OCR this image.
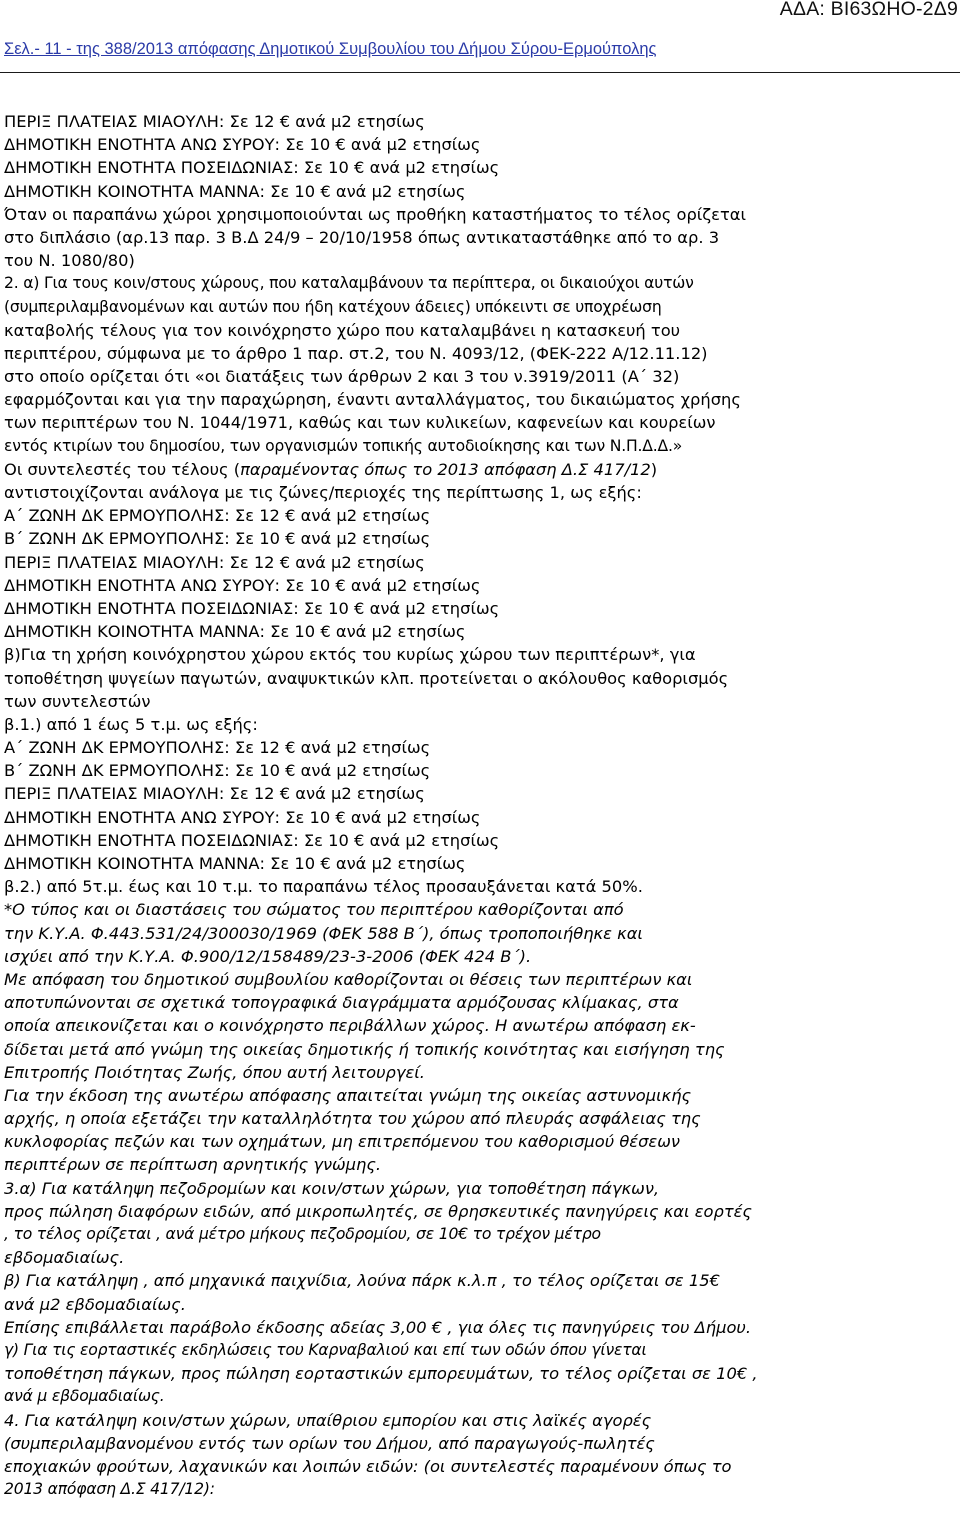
ΑΔΑ: ΒΙ63ΩΗΟ-2Δ9
Σελ.- 11 - της 388/2013 απόφασης Δημοτικού Συμβουλίου του Δήμου Σύρου-Ερμούπολης
ΠΕΡΙΞ ΠΛΑΤΕΙΑΣ ΜΙΑΟΥΛΗ: Σε 12 € ανά μ2 ετησίως
ΔΗΜΟΤΙΚΗ ΕΝΟΤΗΤΑ ΑΝΩ ΣΥΡΟΥ: Σε 10 € ανά μ2 ετησίως
ΔΗΜΟΤΙΚΗ ΕΝΟΤΗΤΑ ΠΟΣΕΙΔΩΝΙΑΣ: Σε 10 € ανά μ2 ετησίως
ΔΗΜΟΤΙΚΗ ΚΟΙΝΟΤΗΤΑ ΜΑΝΝΑ: Σε 10 € ανά μ2 ετησίως
Όταν οι παραπάνω χώροι χρησιμοποιούνται ως προθήκη καταστήματος το τέλος ορίζεται
στο διπλάσιο (αρ.13 παρ. 3 Β.Δ 24/9 – 20/10/1958 όπως αντικαταστάθηκε από το αρ. 3
του Ν. 1080/80)
2. α) Για τους κοιν/στους χώρους, που καταλαμβάνουν τα περίπτερα, οι δικαιούχοι αυτών
(συμπεριλαμβανομένων και αυτών που ήδη κατέχουν άδειες) υπόκειντι σε υποχρέωση
καταβολής τέλους για τον κοινόχρηστο χώρο που καταλαμβάνει η κατασκευή του
περιπτέρου, σύμφωνα με το άρθρο 1 παρ. στ.2, του Ν. 4093/12, (ΦΕΚ-222 Α/12.11.12)
στο οποίο ορίζεται ότι «οι διατάξεις των άρθρων 2 και 3 του ν.3919/2011 (Α΄ 32)
εφαρμόζονται και για την παραχώρηση, έναντι ανταλλάγματος, του δικαιώματος χρήσης
των περιπτέρων του Ν. 1044/1971, καθώς και των κυλικείων, καφενείων και κουρείων
εντός κτιρίων του δημοσίου, των οργανισμών τοπικής αυτοδιοίκησης και των Ν.Π.Δ.Δ.»
Οι συντελεστές του τέλους (παραμένοντας όπως το 2013 απόφαση Δ.Σ 417/12)
αντιστοιχίζονται ανάλογα με τις ζώνες/περιοχές της περίπτωσης 1, ως εξής:
Α΄ ΖΩΝΗ ΔΚ ΕΡΜΟΥΠΟΛΗΣ: Σε 12 € ανά μ2 ετησίως
Β΄ ΖΩΝΗ ΔΚ ΕΡΜΟΥΠΟΛΗΣ: Σε 10 € ανά μ2 ετησίως
ΠΕΡΙΞ ΠΛΑΤΕΙΑΣ ΜΙΑΟΥΛΗ: Σε 12 € ανά μ2 ετησίως
ΔΗΜΟΤΙΚΗ ΕΝΟΤΗΤΑ ΑΝΩ ΣΥΡΟΥ: Σε 10 € ανά μ2 ετησίως
ΔΗΜΟΤΙΚΗ ΕΝΟΤΗΤΑ ΠΟΣΕΙΔΩΝΙΑΣ: Σε 10 € ανά μ2 ετησίως
ΔΗΜΟΤΙΚΗ ΚΟΙΝΟΤΗΤΑ ΜΑΝΝΑ: Σε 10 € ανά μ2 ετησίως
β)Για τη χρήση κοινόχρηστου χώρου εκτός του κυρίως χώρου των περιπτέρων*, για
τοποθέτηση ψυγείων παγωτών, αναψυκτικών κλπ. προτείνεται ο ακόλουθος καθορισμός
των συντελεστών
β.1.) από 1 έως 5 τ.μ. ως εξής:
Α΄ ΖΩΝΗ ΔΚ ΕΡΜΟΥΠΟΛΗΣ: Σε 12 € ανά μ2 ετησίως
Β΄ ΖΩΝΗ ΔΚ ΕΡΜΟΥΠΟΛΗΣ: Σε 10 € ανά μ2 ετησίως
ΠΕΡΙΞ ΠΛΑΤΕΙΑΣ ΜΙΑΟΥΛΗ: Σε 12 € ανά μ2 ετησίως
ΔΗΜΟΤΙΚΗ ΕΝΟΤΗΤΑ ΑΝΩ ΣΥΡΟΥ: Σε 10 € ανά μ2 ετησίως
ΔΗΜΟΤΙΚΗ ΕΝΟΤΗΤΑ ΠΟΣΕΙΔΩΝΙΑΣ: Σε 10 € ανά μ2 ετησίως
ΔΗΜΟΤΙΚΗ ΚΟΙΝΟΤΗΤΑ ΜΑΝΝΑ: Σε 10 € ανά μ2 ετησίως
β.2.) από 5τ.μ. έως και 10 τ.μ. το παραπάνω τέλος προσαυξάνεται κατά 50%.
*Ο τύπος και οι διαστάσεις του σώματος του περιπτέρου καθορίζονται από
την Κ.Υ.Α. Φ.443.531/24/300030/1969 (ΦΕΚ 588 Β΄), όπως τροποποιήθηκε και
ισχύει από την Κ.Υ.Α. Φ.900/12/158489/23-3-2006 (ΦΕΚ 424 Β΄).
Με απόφαση του δημοτικού συμβουλίου καθορίζονται οι θέσεις των περιπτέρων και
αποτυπώνονται σε σχετικά τοπογραφικά διαγράμματα αρμόζουσας κλίμακας, στα
οποία απεικονίζεται και ο κοινόχρηστο περιβάλλων χώρος. Η ανωτέρω απόφαση εκ-
δίδεται μετά από γνώμη της οικείας δημοτικής ή τοπικής κοινότητας και εισήγηση της
Επιτροπής Ποιότητας Ζωής, όπου αυτή λειτουργεί.
Για την έκδοση της ανωτέρω απόφασης απαιτείται γνώμη της οικείας αστυνομικής
αρχής, η οποία εξετάζει την καταλληλότητα του χώρου από πλευράς ασφάλειας της
κυκλοφορίας πεζών και των οχημάτων, μη επιτρεπόμενου του καθορισμού θέσεων
περιπτέρων σε περίπτωση αρνητικής γνώμης.
3.α) Για κατάληψη πεζοδρομίων και κοιν/στων χώρων, για τοποθέτηση πάγκων,
προς πώληση διαφόρων ειδών, από μικροπωλητές, σε θρησκευτικές πανηγύρεις και εορτές
, το τέλος ορίζεται , ανά μέτρο μήκους πεζοδρομίου, σε 10€ το τρέχον μέτρο
εβδομαδιαίως.
β) Για κατάληψη , από μηχανικά παιχνίδια, λούνα πάρκ κ.λ.π , το τέλος ορίζεται σε 15€
ανά μ2 εβδομαδιαίως.
Επίσης επιβάλλεται παράβολο έκδοσης αδείας 3,00 € , για όλες τις πανηγύρεις του Δήμου.
γ) Για τις εορταστικές εκδηλώσεις του Καρναβαλιού και επί των οδών όπου γίνεται
τοποθέτηση πάγκων, προς πώληση εορταστικών εμπορευμάτων, το τέλος ορίζεται σε 10€ ,
ανά μ εβδομαδιαίως.
4. Για κατάληψη κοιν/στων χώρων, υπαίθριου εμπορίου και στις λαϊκές αγορές
(συμπεριλαμβανομένου εντός των ορίων του Δήμου, από παραγωγούς-πωλητές
εποχιακών φρούτων, λαχανικών και λοιπών ειδών: (οι συντελεστές παραμένουν όπως το
2013 απόφαση Δ.Σ 417/12):
